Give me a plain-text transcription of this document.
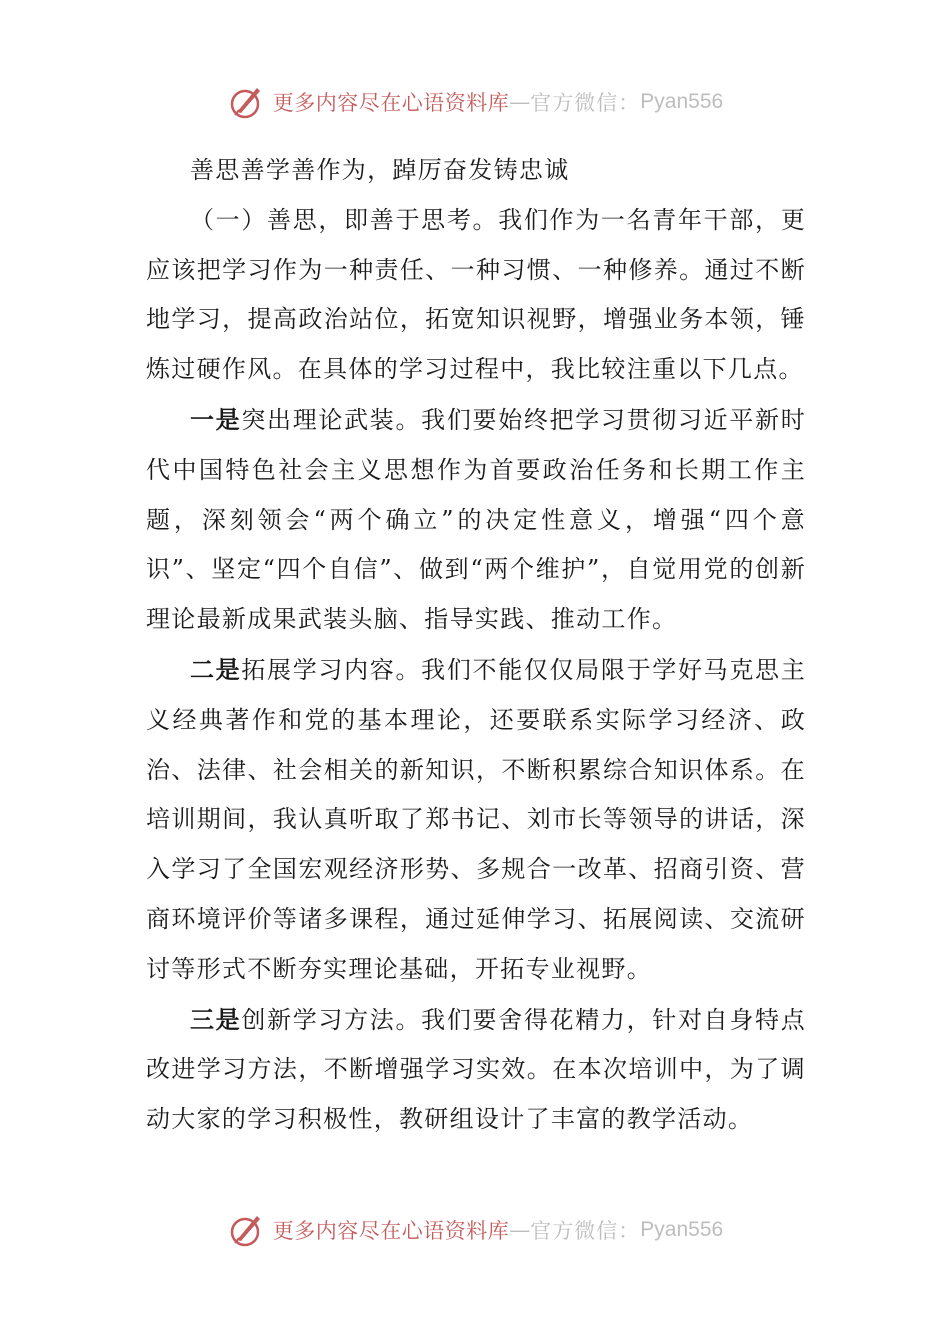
更多内容尽在心语资料库 — 官方微信： Pyan556

善思善学善作为，踔厉奋发铸忠诚

（一）善思，即善于思考。我们作为一名青年干部，更应该把学习作为一种责任、一种习惯、一种修养。通过不断地学习，提高政治站位，拓宽知识视野，增强业务本领，锤炼过硬作风。在具体的学习过程中，我比较注重以下几点。

一是突出理论武装。我们要始终把学习贯彻习近平新时代中国特色社会主义思想作为首要政治任务和长期工作主题，深刻领会“两个确立”的决定性意义，增强“四个意识”、坚定“四个自信”、做到“两个维护”，自觉用党的创新理论最新成果武装头脑、指导实践、推动工作。

二是拓展学习内容。我们不能仅仅局限于学好马克思主义经典著作和党的基本理论，还要联系实际学习经济、政治、法律、社会相关的新知识，不断积累综合知识体系。在培训期间，我认真听取了郑书记、刘市长等领导的讲话，深入学习了全国宏观经济形势、多规合一改革、招商引资、营商环境评价等诸多课程，通过延伸学习、拓展阅读、交流研讨等形式不断夯实理论基础，开拓专业视野。

三是创新学习方法。我们要舍得花精力，针对自身特点改进学习方法，不断增强学习实效。在本次培训中，为了调动大家的学习积极性，教研组设计了丰富的教学活动。

更多内容尽在心语资料库 — 官方微信： Pyan556
